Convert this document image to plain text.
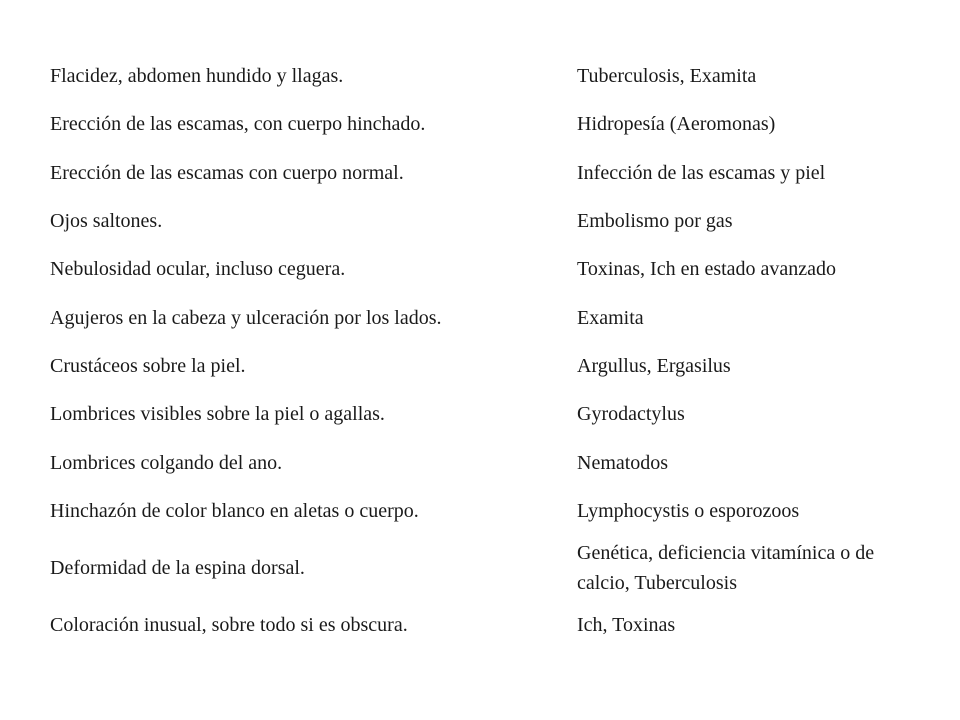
Flacidez, abdomen hundido y llagas.	Tuberculosis, Examita
Erección de las escamas, con cuerpo hinchado.	Hidropesía (Aeromonas)
Erección de las escamas con cuerpo normal.	Infección de las escamas y piel
Ojos saltones.	Embolismo por gas
Nebulosidad ocular, incluso ceguera.	Toxinas, Ich en estado avanzado
Agujeros en la cabeza y ulceración por los lados.	Examita
Crustáceos sobre la piel.	Argullus, Ergasilus
Lombrices visibles sobre la piel o agallas.	Gyrodactylus
Lombrices colgando del ano.	Nematodos
Hinchazón de color blanco en aletas o cuerpo.	Lymphocystis o esporozoos
Deformidad de la espina dorsal.	Genética, deficiencia vitamínica o de calcio, Tuberculosis
Coloración inusual, sobre todo si es obscura.	Ich, Toxinas
